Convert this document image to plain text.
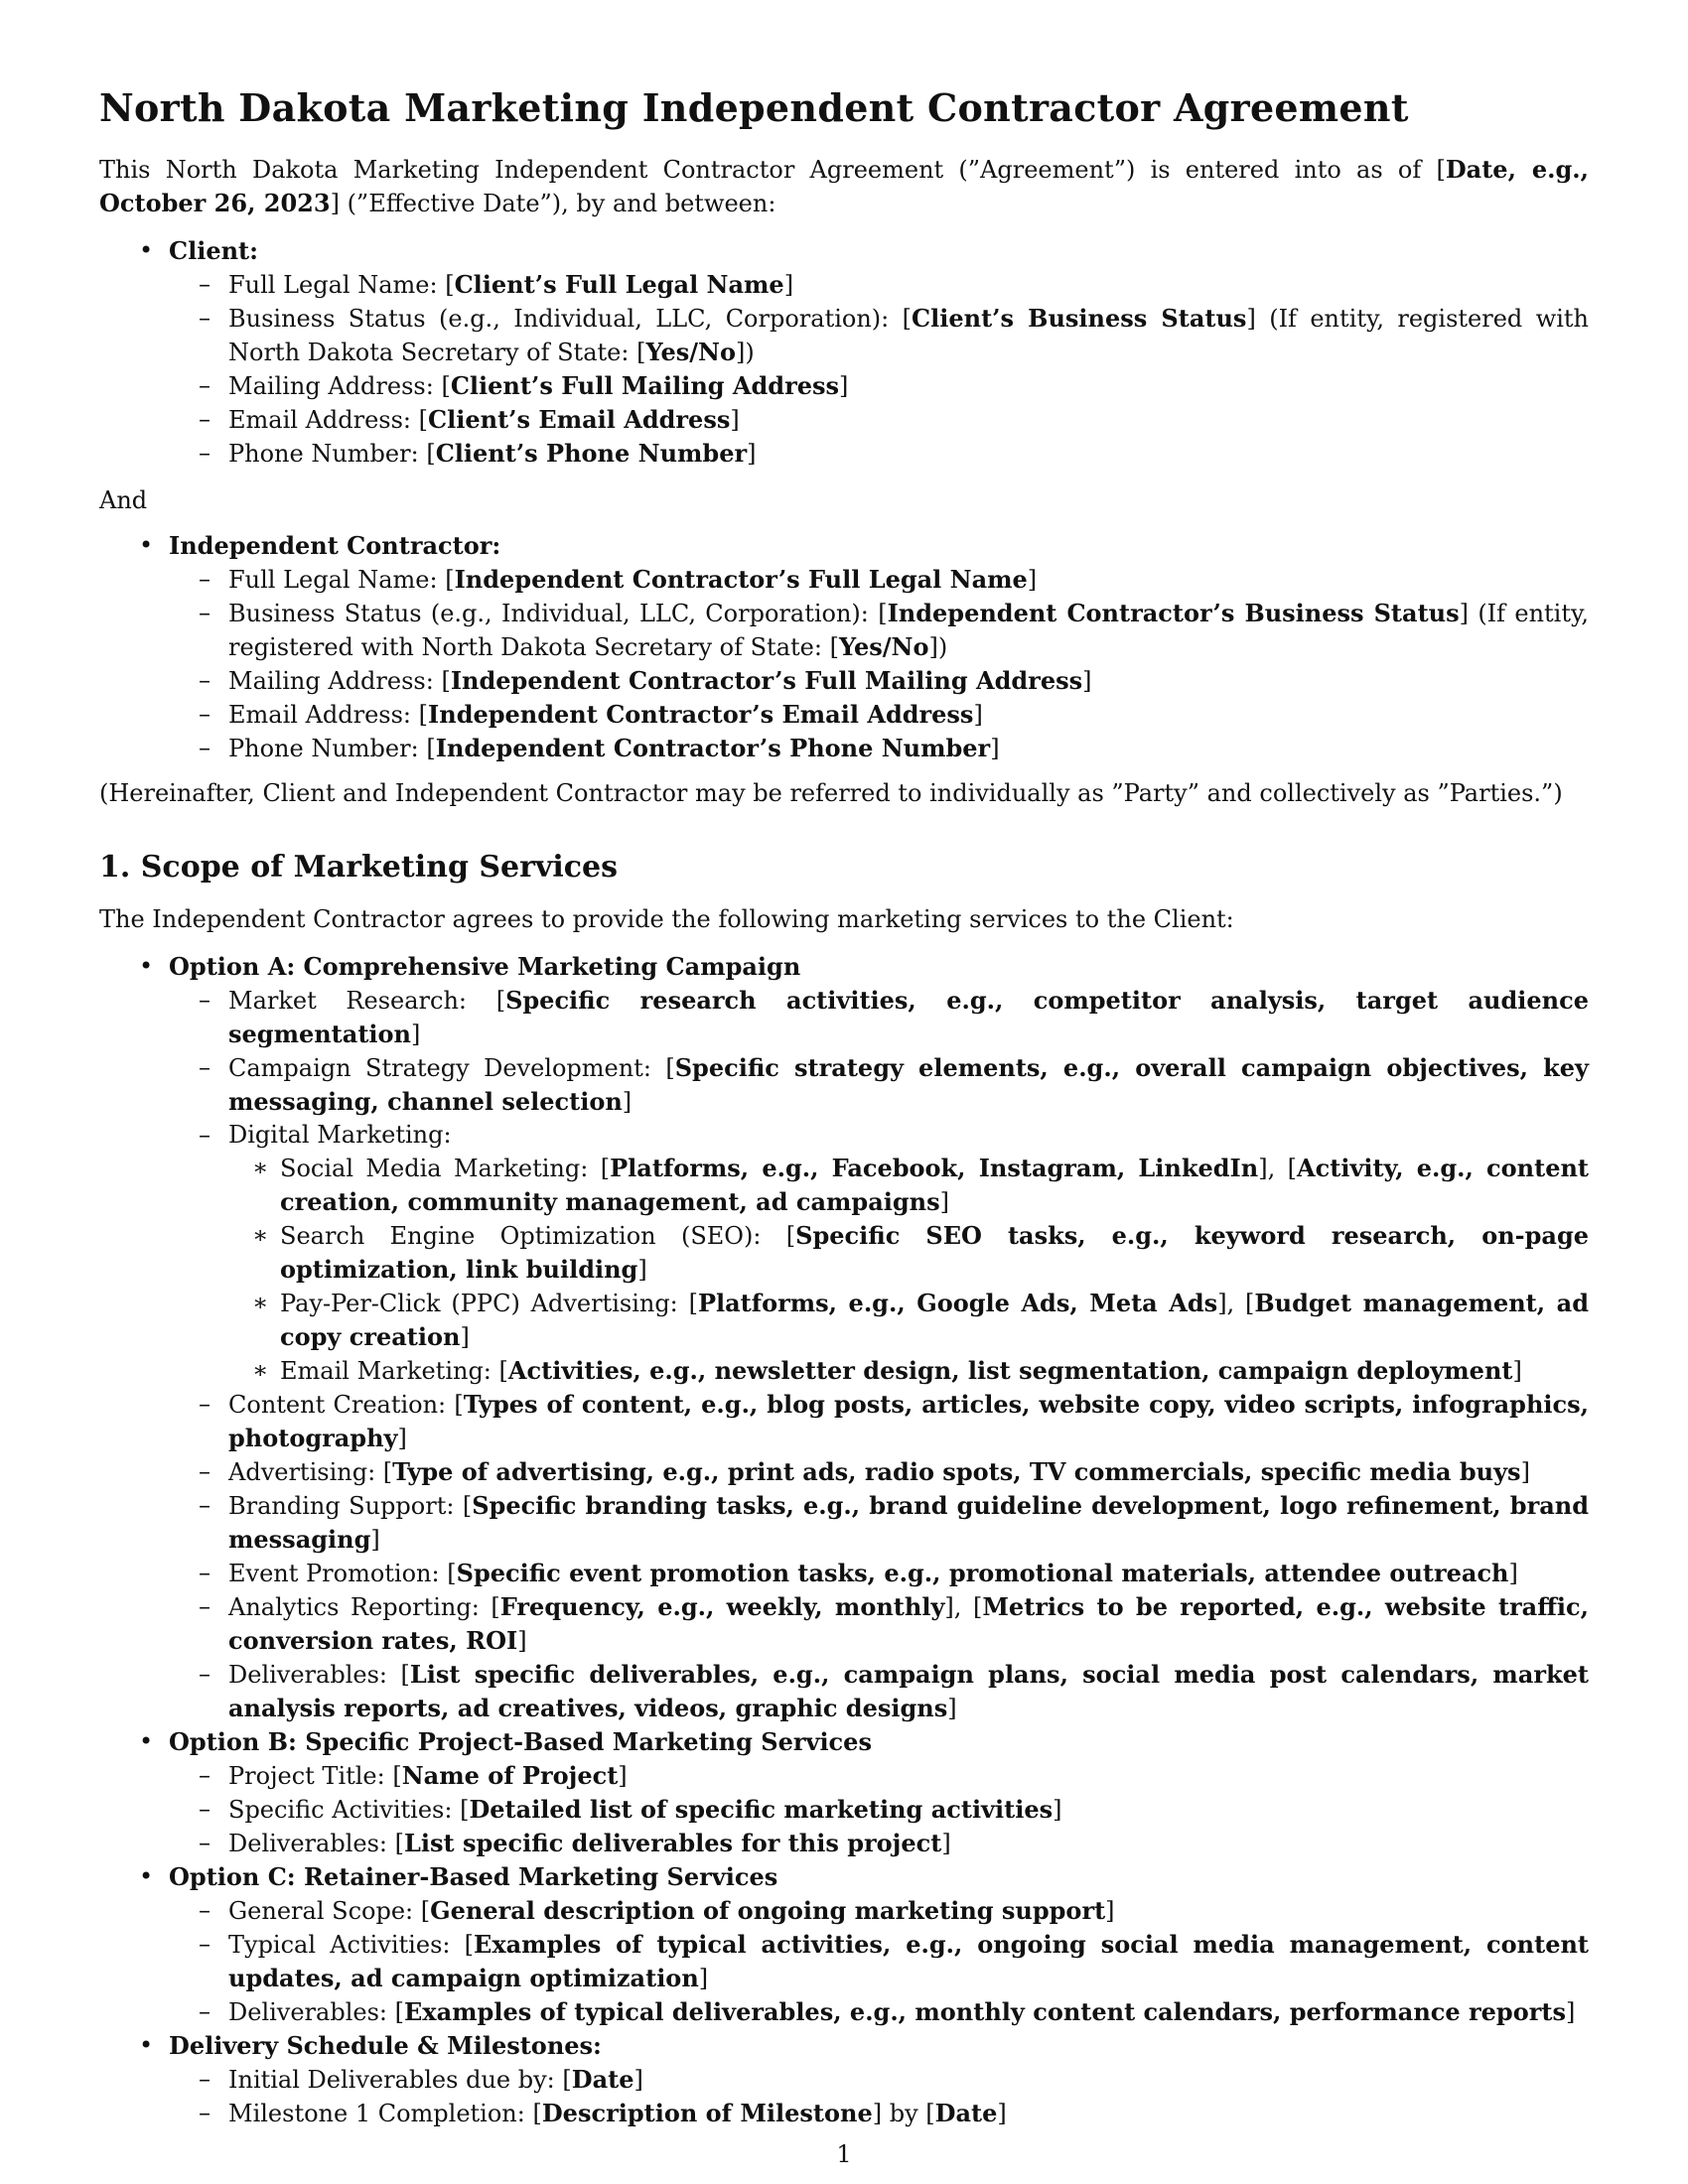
North Dakota Marketing Independent Contractor Agreement

This North Dakota Marketing Independent Contractor Agreement (”Agreement”) is entered into as of [Date, e.g., October 26, 2023] (”Effective Date”), by and between:

• Client:
– Full Legal Name: [Client’s Full Legal Name]
– Business Status (e.g., Individual, LLC, Corporation): [Client’s Business Status] (If entity, registered with North Dakota Secretary of State: [Yes/No])
– Mailing Address: [Client’s Full Mailing Address]
– Email Address: [Client’s Email Address]
– Phone Number: [Client’s Phone Number]

And

• Independent Contractor:
– Full Legal Name: [Independent Contractor’s Full Legal Name]
– Business Status (e.g., Individual, LLC, Corporation): [Independent Contractor’s Business Status] (If entity, registered with North Dakota Secretary of State: [Yes/No])
– Mailing Address: [Independent Contractor’s Full Mailing Address]
– Email Address: [Independent Contractor’s Email Address]
– Phone Number: [Independent Contractor’s Phone Number]

(Hereinafter, Client and Independent Contractor may be referred to individually as ”Party” and collectively as ”Parties.”)

1. Scope of Marketing Services

The Independent Contractor agrees to provide the following marketing services to the Client:

• Option A: Comprehensive Marketing Campaign
– Market Research: [Specific research activities, e.g., competitor analysis, target audience segmentation]
– Campaign Strategy Development: [Specific strategy elements, e.g., overall campaign objectives, key messaging, channel selection]
– Digital Marketing:
∗ Social Media Marketing: [Platforms, e.g., Facebook, Instagram, LinkedIn], [Activity, e.g., content creation, community management, ad campaigns]
∗ Search Engine Optimization (SEO): [Specific SEO tasks, e.g., keyword research, on-page optimization, link building]
∗ Pay-Per-Click (PPC) Advertising: [Platforms, e.g., Google Ads, Meta Ads], [Budget management, ad copy creation]
∗ Email Marketing: [Activities, e.g., newsletter design, list segmentation, campaign deployment]
– Content Creation: [Types of content, e.g., blog posts, articles, website copy, video scripts, infographics, photography]
– Advertising: [Type of advertising, e.g., print ads, radio spots, TV commercials, specific media buys]
– Branding Support: [Specific branding tasks, e.g., brand guideline development, logo refinement, brand messaging]
– Event Promotion: [Specific event promotion tasks, e.g., promotional materials, attendee outreach]
– Analytics Reporting: [Frequency, e.g., weekly, monthly], [Metrics to be reported, e.g., website traffic, conversion rates, ROI]
– Deliverables: [List specific deliverables, e.g., campaign plans, social media post calendars, market analysis reports, ad creatives, videos, graphic designs]
• Option B: Specific Project-Based Marketing Services
– Project Title: [Name of Project]
– Specific Activities: [Detailed list of specific marketing activities]
– Deliverables: [List specific deliverables for this project]
• Option C: Retainer-Based Marketing Services
– General Scope: [General description of ongoing marketing support]
– Typical Activities: [Examples of typical activities, e.g., ongoing social media management, content updates, ad campaign optimization]
– Deliverables: [Examples of typical deliverables, e.g., monthly content calendars, performance reports]
• Delivery Schedule & Milestones:
– Initial Deliverables due by: [Date]
– Milestone 1 Completion: [Description of Milestone] by [Date]
1
